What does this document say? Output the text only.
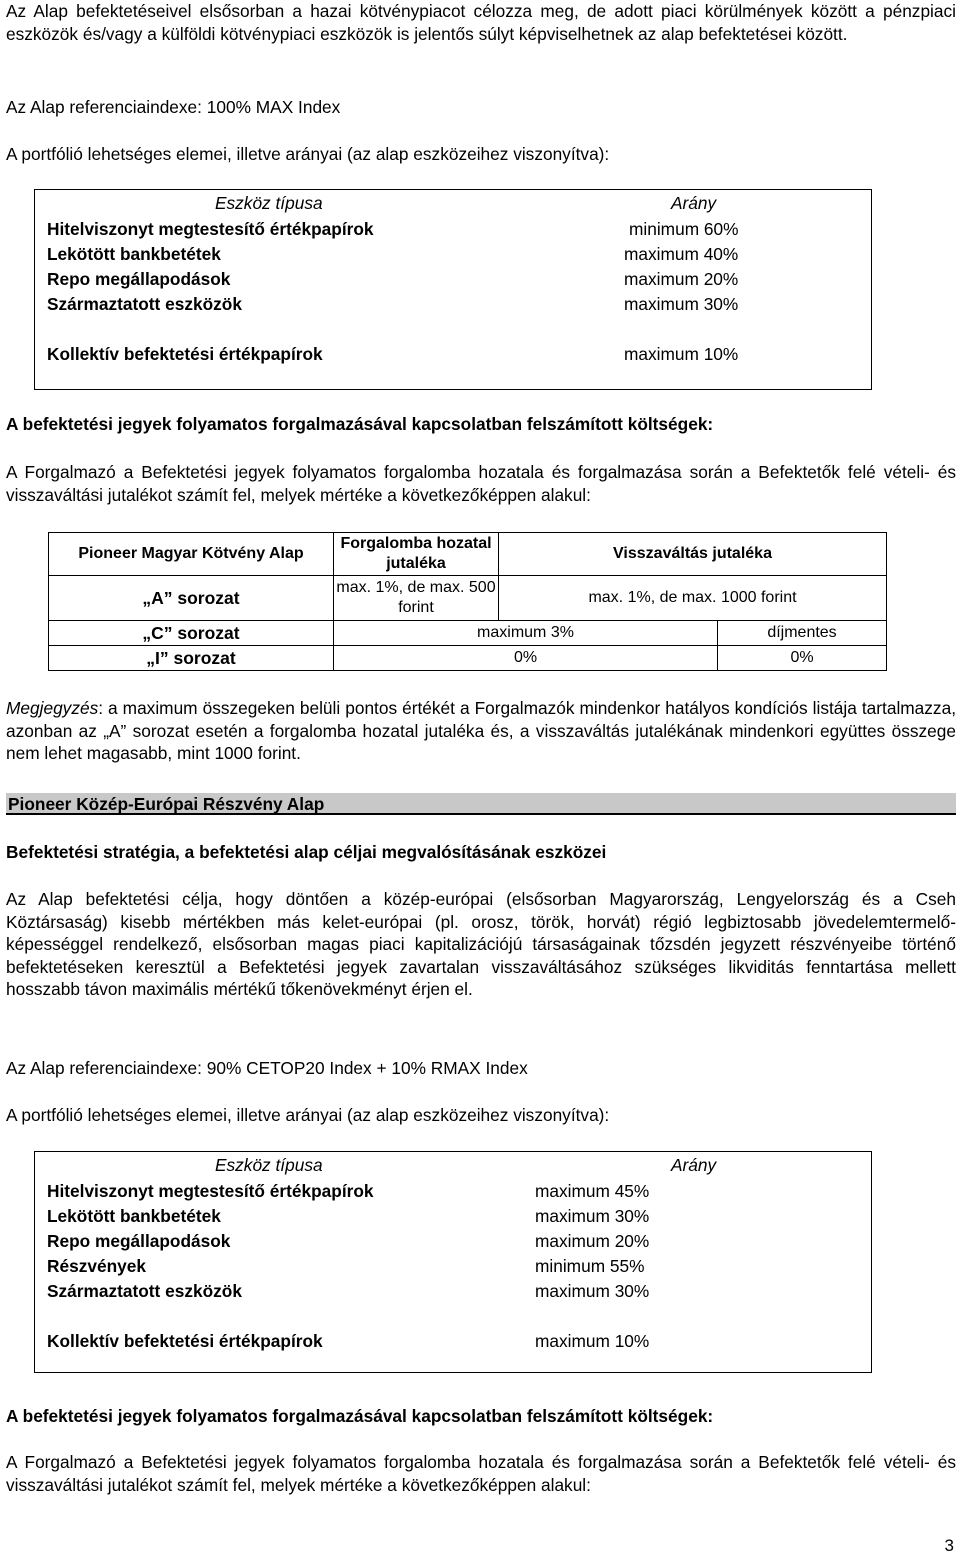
Az Alap befektetéseivel elsősorban a hazai kötvénypiacot célozza meg, de adott piaci körülmények között a pénzpiaci eszközök és/vagy a külföldi kötvénypiaci eszközök is jelentős súlyt képviselhetnek az alap befektetései között.

Az Alap referenciaindexe: 100% MAX Index

A portfólió lehetséges elemei, illetve arányai (az alap eszközeihez viszonyítva):

Eszköz típusa	Arány
Hitelviszonyt megtestesítő értékpapírok	minimum 60%
Lekötött bankbetétek	maximum 40%
Repo megállapodások	maximum 20%
Származtatott eszközök	maximum 30%
Kollektív befektetési értékpapírok	maximum 10%

A befektetési jegyek folyamatos forgalmazásával kapcsolatban felszámított költségek:

A Forgalmazó a Befektetési jegyek folyamatos forgalomba hozatala és forgalmazása során a Befektetők felé vételi- és visszaváltási jutalékot számít fel, melyek mértéke a következőképpen alakul:

Pioneer Magyar Kötvény Alap	Forgalomba hozatal jutaléka	Visszaváltás jutaléka	
„A” sorozat	max. 1%, de max. 500 forint	max. 1%, de max. 1000 forint	
„C” sorozat	maximum 3%		díjmentes
„I” sorozat	0%		0%

Megjegyzés: a maximum összegeken belüli pontos értékét a Forgalmazók mindenkor hatályos kondíciós listája tartalmazza, azonban az „A” sorozat esetén a forgalomba hozatal jutaléka és, a visszaváltás jutalékának mindenkori együttes összege nem lehet magasabb, mint 1000 forint.

Pioneer Közép-Európai Részvény Alap

Befektetési stratégia, a befektetési alap céljai megvalósításának eszközei

Az Alap befektetési célja, hogy döntően a közép-európai (elsősorban Magyarország, Lengyelország és a Cseh Köztársaság) kisebb mértékben más kelet-európai (pl. orosz, török, horvát) régió legbiztosabb jövedelemtermelő-képességgel rendelkező, elsősorban magas piaci kapitalizációjú társaságainak tőzsdén jegyzett részvényeibe történő befektetéseken keresztül a Befektetési jegyek zavartalan visszaváltásához szükséges likviditás fenntartása mellett hosszabb távon maximális mértékű tőkenövekményt érjen el.

Az Alap referenciaindexe: 90% CETOP20 Index + 10% RMAX Index

A portfólió lehetséges elemei, illetve arányai (az alap eszközeihez viszonyítva):

Eszköz típusa	Arány
Hitelviszonyt megtestesítő értékpapírok	maximum 45%
Lekötött bankbetétek	maximum 30%
Repo megállapodások	maximum 20%
Részvények	minimum 55%
Származtatott eszközök	maximum 30%
Kollektív befektetési értékpapírok	maximum 10%

A befektetési jegyek folyamatos forgalmazásával kapcsolatban felszámított költségek:

A Forgalmazó a Befektetési jegyek folyamatos forgalomba hozatala és forgalmazása során a Befektetők felé vételi- és visszaváltási jutalékot számít fel, melyek mértéke a következőképpen alakul:

3
